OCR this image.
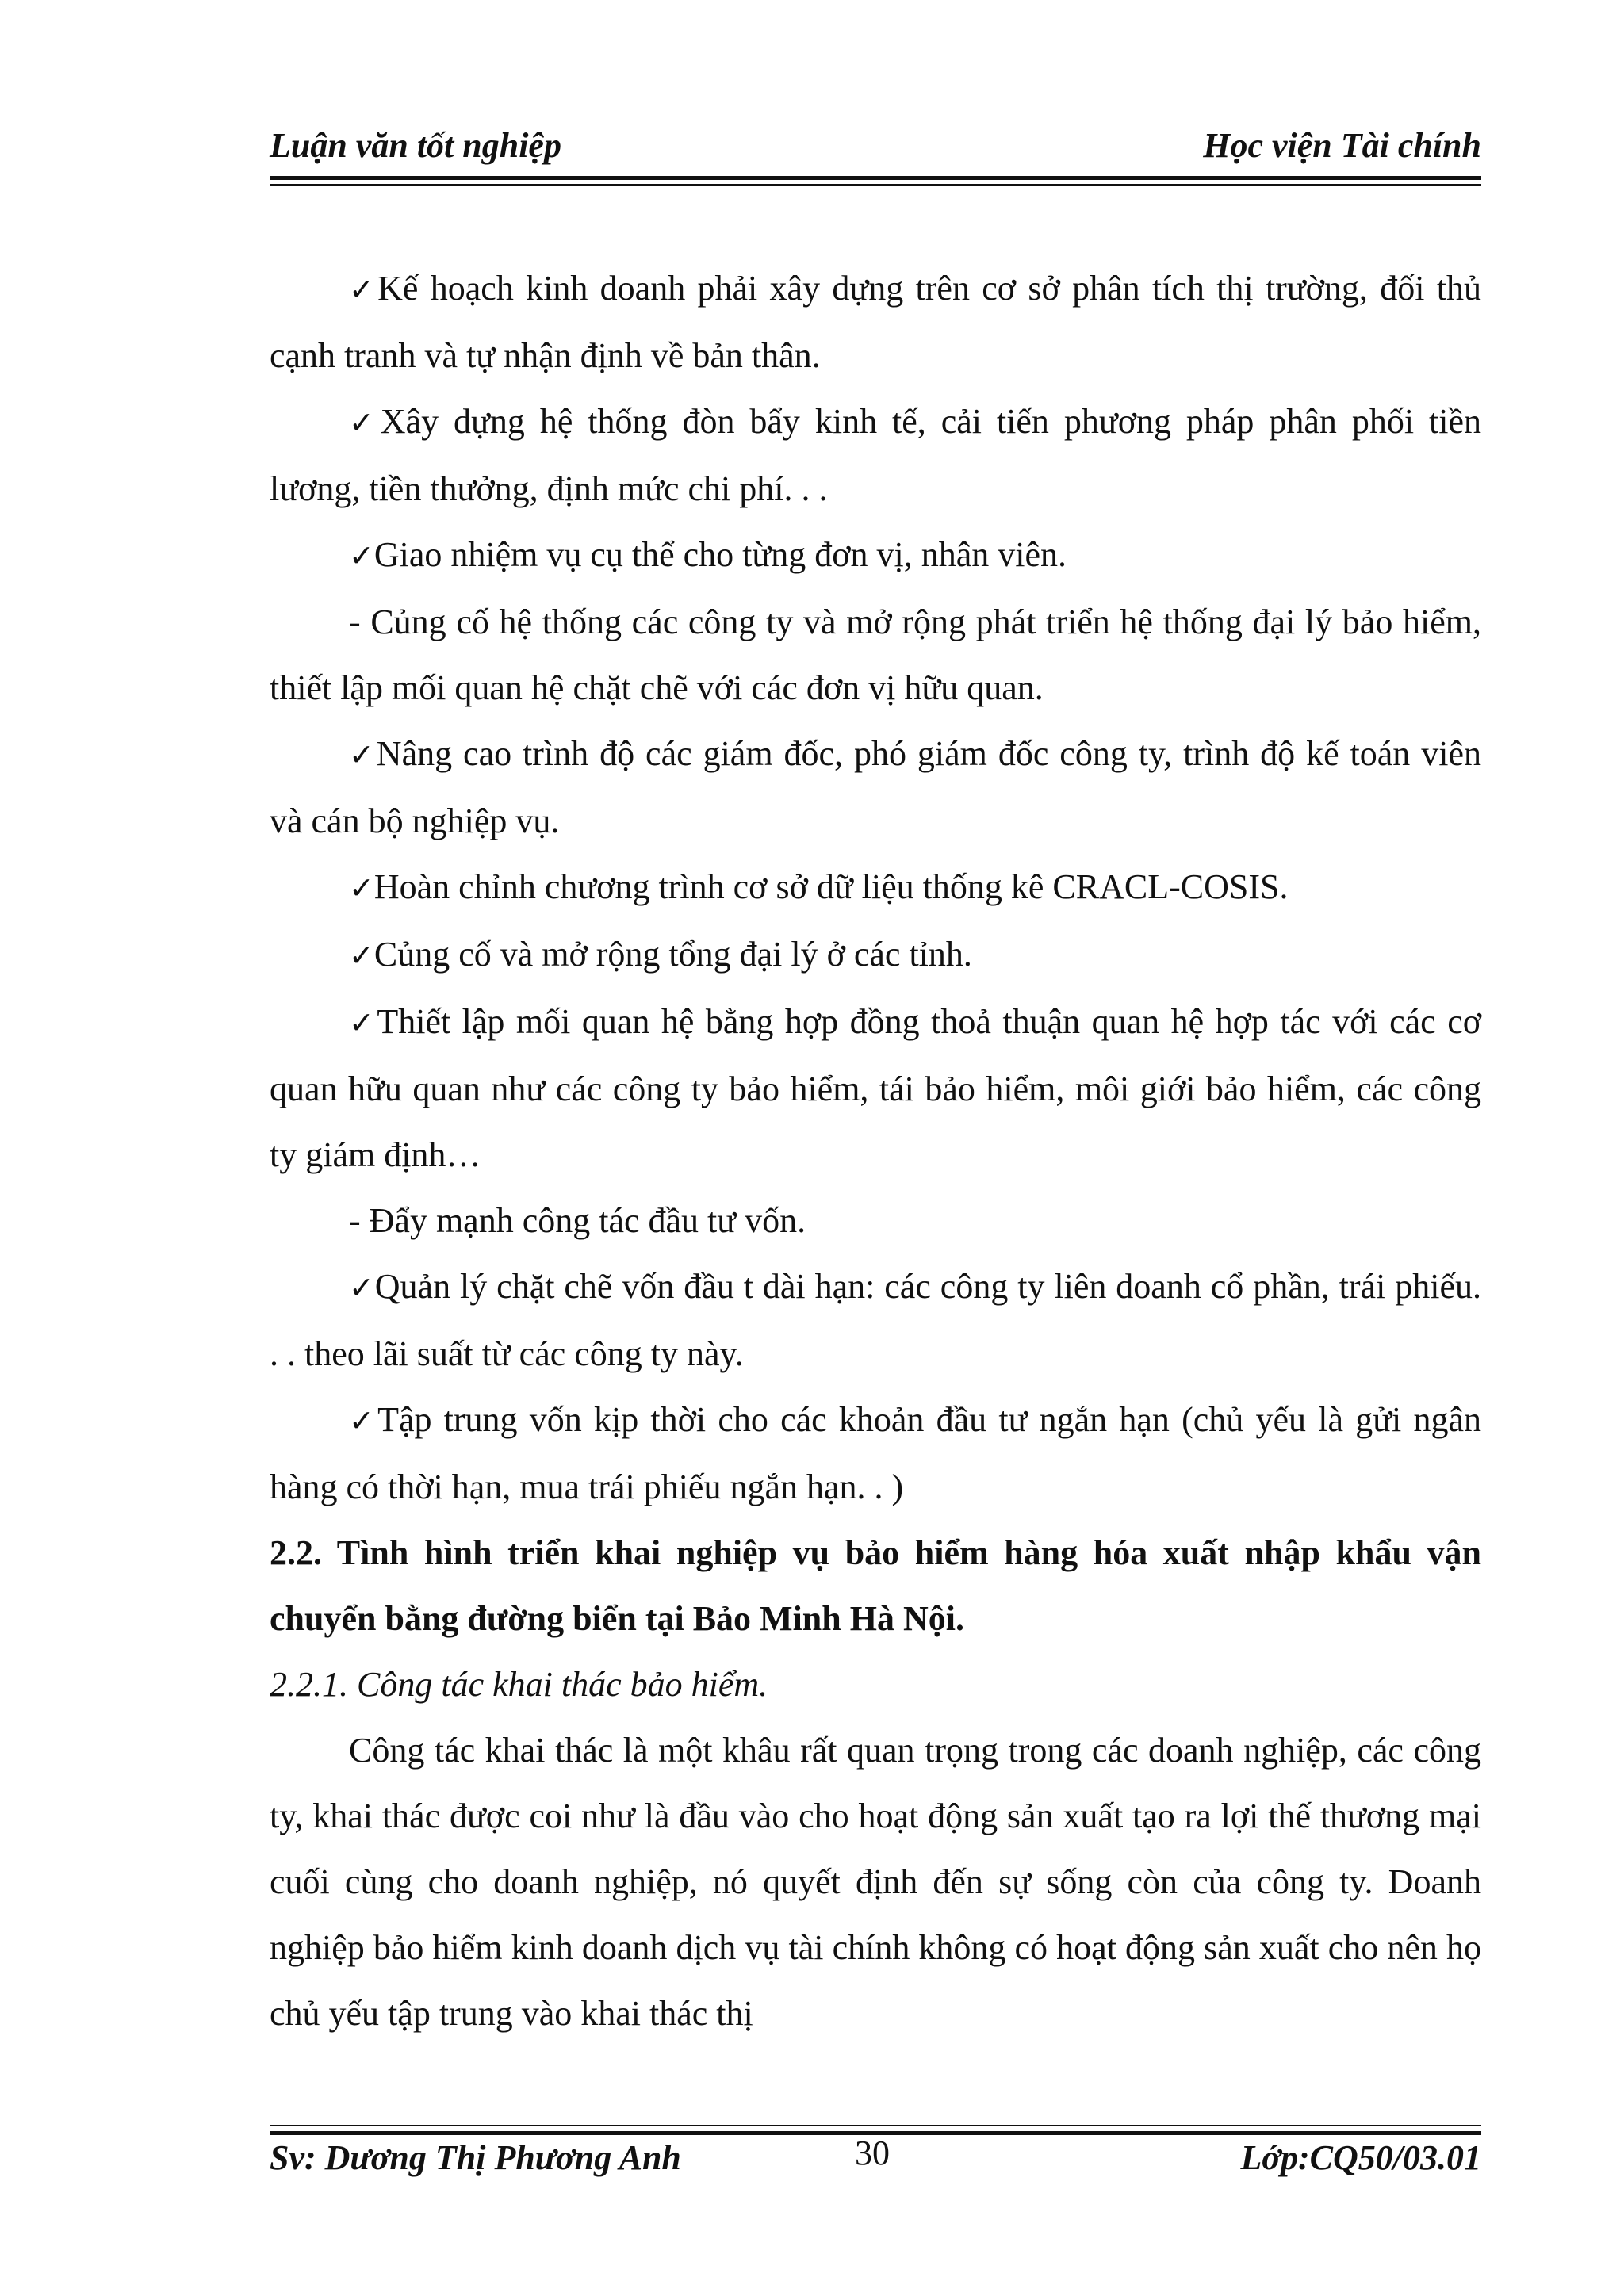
Luận văn tốt nghiệp	Học viện Tài chính

✓Kế hoạch kinh doanh phải xây dựng trên cơ sở phân tích thị trường, đối thủ cạnh tranh và tự nhận định về bản thân.

✓Xây dựng hệ thống đòn bẩy kinh tế, cải tiến phương pháp phân phối tiền lương, tiền thưởng, định mức chi phí. . .

✓Giao nhiệm vụ cụ thể cho từng đơn vị, nhân viên.

- Củng cố hệ thống các công ty và mở rộng phát triển hệ thống đại lý bảo hiểm, thiết lập mối quan hệ chặt chẽ với các đơn vị hữu quan.

✓Nâng cao trình độ các giám đốc, phó giám đốc công ty, trình độ kế toán viên và cán bộ nghiệp vụ.

✓Hoàn chỉnh chương trình cơ sở dữ liệu thống kê CRACL-COSIS.

✓Củng cố và mở rộng tổng đại lý ở các tỉnh.

✓Thiết lập mối quan hệ bằng hợp đồng thoả thuận quan hệ hợp tác với các cơ quan hữu quan như các công ty bảo hiểm, tái bảo hiểm, môi giới bảo hiểm, các công ty giám định…

- Đẩy mạnh công tác đầu tư vốn.

✓Quản lý chặt chẽ vốn đầu t dài hạn: các công ty liên doanh cổ phần, trái phiếu. . . theo lãi suất từ các công ty này.

✓Tập trung vốn kịp thời cho các khoản đầu tư ngắn hạn (chủ yếu là gửi ngân hàng có thời hạn, mua trái phiếu ngắn hạn. . )

2.2. Tình hình triển khai nghiệp vụ bảo hiểm hàng hóa xuất nhập khẩu vận chuyển bằng đường biển tại Bảo Minh Hà Nội.

2.2.1. Công tác khai thác bảo hiểm.

Công tác khai thác là một khâu rất quan trọng trong các doanh nghiệp, các công ty, khai thác được coi như là đầu vào cho hoạt động sản xuất tạo ra lợi thế thương mại cuối cùng cho doanh nghiệp, nó quyết định đến sự sống còn của công ty. Doanh nghiệp bảo hiểm kinh doanh dịch vụ tài chính không có hoạt động sản xuất cho nên họ chủ yếu tập trung vào khai thác thị

Sv: Dương Thị Phương Anh	30	Lớp:CQ50/03.01
